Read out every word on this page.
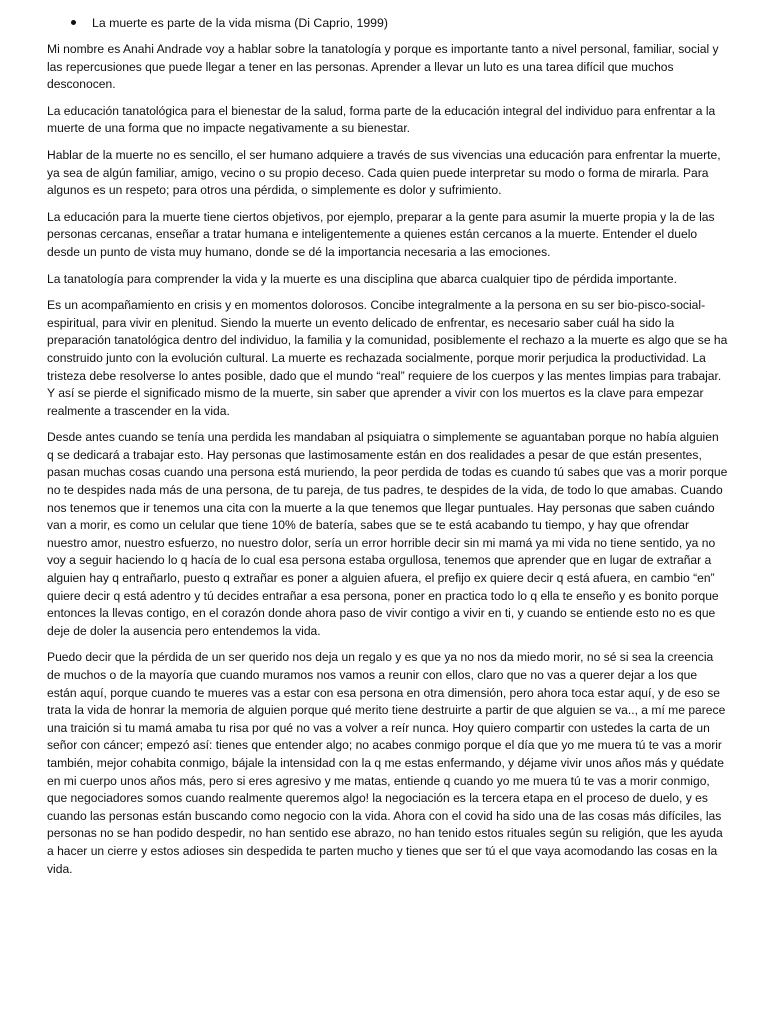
La muerte es parte de la vida misma (Di Caprio, 1999)

Mi nombre es Anahi Andrade voy a hablar sobre la tanatología y porque es importante tanto a nivel personal, familiar, social y las repercusiones que puede llegar a tener en las personas. Aprender a llevar un luto es una tarea difícil que muchos desconocen.

La educación tanatológica para el bienestar de la salud, forma parte de la educación integral del individuo para enfrentar a la muerte de una forma que no impacte negativamente a su bienestar.

Hablar de la muerte no es sencillo, el ser humano adquiere a través de sus vivencias una educación para enfrentar la muerte, ya sea de algún familiar, amigo, vecino o su propio deceso. Cada quien puede interpretar su modo o forma de mirarla. Para algunos es un respeto; para otros una pérdida, o simplemente es dolor y sufrimiento.

La educación para la muerte tiene ciertos objetivos, por ejemplo, preparar a la gente para asumir la muerte propia y la de las personas cercanas, enseñar a tratar humana e inteligentemente a quienes están cercanos a la muerte. Entender el duelo desde un punto de vista muy humano, donde se dé la importancia necesaria a las emociones.

La tanatología para comprender la vida y la muerte es una disciplina que abarca cualquier tipo de pérdida importante.

Es un acompañamiento en crisis y en momentos dolorosos. Concibe integralmente a la persona en su ser bio-pisco-social-espiritual, para vivir en plenitud. Siendo la muerte un evento delicado de enfrentar, es necesario saber cuál ha sido la preparación tanatológica dentro del individuo, la familia y la comunidad, posiblemente el rechazo a la muerte es algo que se ha construido junto con la evolución cultural. La muerte es rechazada socialmente, porque morir perjudica la productividad. La tristeza debe resolverse lo antes posible, dado que el mundo “real” requiere de los cuerpos y las mentes limpias para trabajar. Y así se pierde el significado mismo de la muerte, sin saber que aprender a vivir con los muertos es la clave para empezar realmente a trascender en la vida.

Desde antes cuando se tenía una perdida les mandaban al psiquiatra o simplemente se aguantaban porque no había alguien q se dedicará a trabajar esto. Hay personas que lastimosamente están en dos realidades a pesar de que están presentes, pasan muchas cosas cuando una persona está muriendo, la peor perdida de todas es cuando tú sabes que vas a morir porque no te despides nada más de una persona, de tu pareja, de tus padres, te despides de la vida, de todo lo que amabas. Cuando nos tenemos que ir tenemos una cita con la muerte a la que tenemos que llegar puntuales. Hay personas que saben cuándo van a morir, es como un celular que tiene 10% de batería, sabes que se te está acabando tu tiempo, y hay que ofrendar nuestro amor, nuestro esfuerzo, no nuestro dolor, sería un error horrible decir sin mi mamá ya mi vida no tiene sentido, ya no voy a seguir haciendo lo q hacía de lo cual esa persona estaba orgullosa, tenemos que aprender que en lugar de extrañar a alguien hay q entrañarlo, puesto q extrañar es poner a alguien afuera, el prefijo ex quiere decir q está afuera, en cambio “en” quiere decir q está adentro y tú decides entrañar a esa persona, poner en practica todo lo q ella te enseño y es bonito porque entonces la llevas contigo, en el corazón donde ahora paso de vivir contigo a vivir en ti, y cuando se entiende esto no es que deje de doler la ausencia pero entendemos la vida.

Puedo decir que la pérdida de un ser querido nos deja un regalo y es que ya no nos da miedo morir, no sé si sea la creencia de muchos o de la mayoría que cuando muramos nos vamos a reunir con ellos, claro que no vas a querer dejar a los que están aquí, porque cuando te mueres vas a estar con esa persona en otra dimensión, pero ahora toca estar aquí, y de eso se trata la vida de honrar la memoria de alguien porque qué merito tiene destruirte a partir de que alguien se va.., a mí me parece una traición si tu mamá amaba tu risa por qué no vas a volver a reír nunca. Hoy quiero compartir con ustedes la carta de un señor con cáncer; empezó así: tienes que entender algo; no acabes conmigo porque el día que yo me muera tú te vas a morir también, mejor cohabita conmigo, bájale la intensidad con la q me estas enfermando, y déjame vivir unos años más y quédate en mi cuerpo unos años más, pero si eres agresivo y me matas, entiende q cuando yo me muera tú te vas a morir conmigo, que negociadores somos cuando realmente queremos algo! la negociación es la tercera etapa en el proceso de duelo, y es cuando las personas están buscando como negocio con la vida. Ahora con el covid ha sido una de las cosas más difíciles, las personas no se han podido despedir, no han sentido ese abrazo, no han tenido estos rituales según su religión, que les ayuda a hacer un cierre y estos adioses sin despedida te parten mucho y tienes que ser tú el que vaya acomodando las cosas en la vida.
